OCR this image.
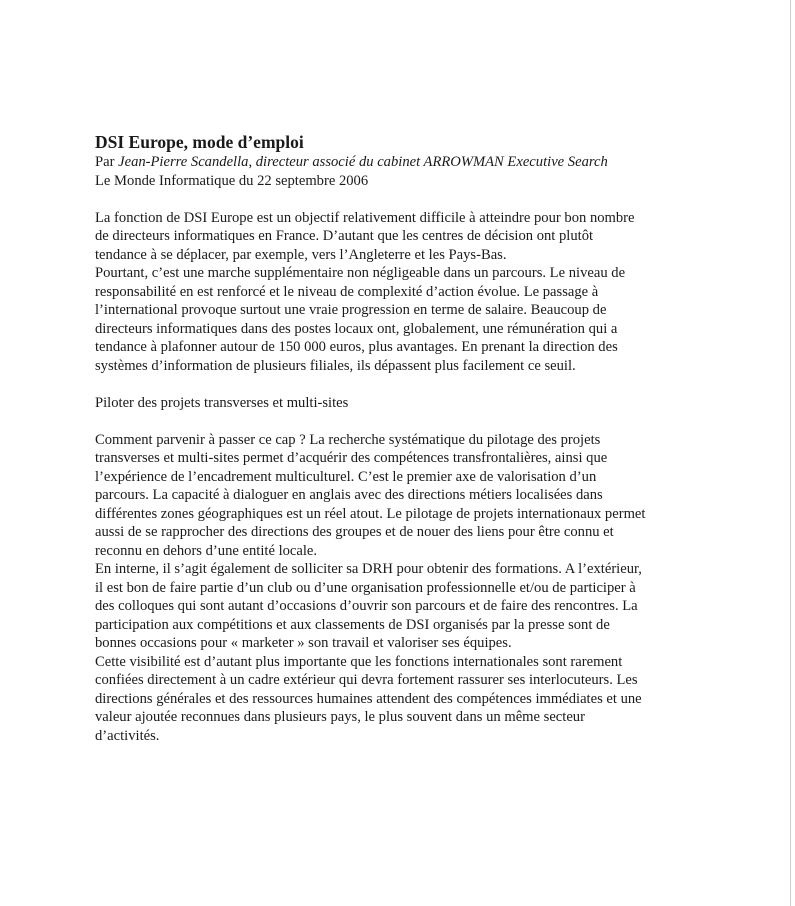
DSI Europe, mode d’emploi

Par Jean-Pierre Scandella, directeur associé du cabinet ARROWMAN Executive Search

Le Monde Informatique du 22 septembre 2006

La fonction de DSI Europe est un objectif relativement difficile à atteindre pour bon nombre
de directeurs informatiques en France. D’autant que les centres de décision ont plutôt
tendance à se déplacer, par exemple, vers l’Angleterre et les Pays-Bas.

Pourtant, c’est une marche supplémentaire non négligeable dans un parcours. Le niveau de
responsabilité en est renforcé et le niveau de complexité d’action évolue. Le passage à
l’international provoque surtout une vraie progression en terme de salaire. Beaucoup de
directeurs informatiques dans des postes locaux ont, globalement, une rémunération qui a
tendance à plafonner autour de 150 000 euros, plus avantages. En prenant la direction des
systèmes d’information de plusieurs filiales, ils dépassent plus facilement ce seuil.

Piloter des projets transverses et multi-sites

Comment parvenir à passer ce cap ? La recherche systématique du pilotage des projets
transverses et multi-sites permet d’acquérir des compétences transfrontalières, ainsi que
l’expérience de l’encadrement multiculturel. C’est le premier axe de valorisation d’un
parcours. La capacité à dialoguer en anglais avec des directions métiers localisées dans
différentes zones géographiques est un réel atout. Le pilotage de projets internationaux permet
aussi de se rapprocher des directions des groupes et de nouer des liens pour être connu et
reconnu en dehors d’une entité locale.

En interne, il s’agit également de solliciter sa DRH pour obtenir des formations. A l’extérieur,
il est bon de faire partie d’un club ou d’une organisation professionnelle et/ou de participer à
des colloques qui sont autant d’occasions d’ouvrir son parcours et de faire des rencontres. La
participation aux compétitions et aux classements de DSI organisés par la presse sont de
bonnes occasions pour « marketer » son travail et valoriser ses équipes.

Cette visibilité est d’autant plus importante que les fonctions internationales sont rarement
confiées directement à un cadre extérieur qui devra fortement rassurer ses interlocuteurs. Les
directions générales et des ressources humaines attendent des compétences immédiates et une
valeur ajoutée reconnues dans plusieurs pays, le plus souvent dans un même secteur
d’activités.
